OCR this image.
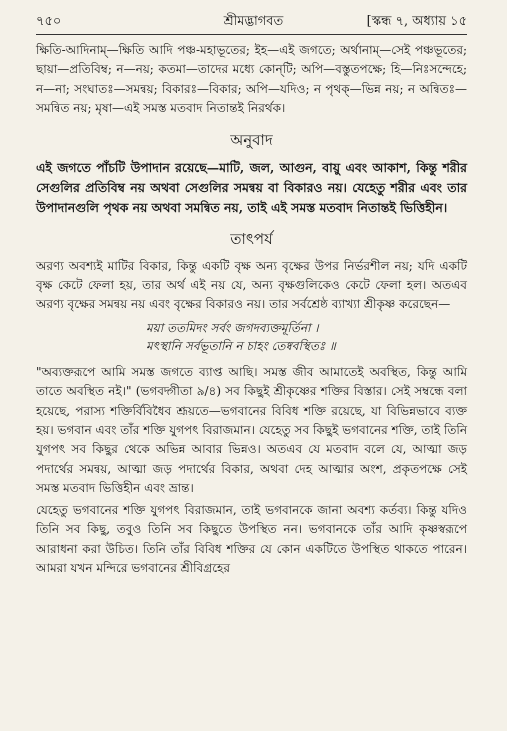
৭৫০	শ্রীমদ্ভাগবত	[স্কন্ধ ৭, অধ্যায় ১৫

ক্ষিতি-আদিনাম্—ক্ষিতি আদি পঞ্চ-মহাভূতের; ইহ—এই জগতে; অর্থানাম্—সেই পঞ্চভূতের; ছায়া—প্রতিবিম্ব; ন—নয়; কতমা—তাদের মধ্যে কোন্‌টি; অপি—বস্তুতপক্ষে; হি—নিঃসন্দেহে; ন—না; সংঘাতঃ—সমন্বয়; বিকারঃ—বিকার; অপি—যদিও; ন পৃথক্—ভিন্ন নয়; ন অন্বিতঃ—সমন্বিত নয়; মৃষা—এই সমস্ত মতবাদ নিতান্তই নিরর্থক।

অনুবাদ

এই জগতে পাঁচটি উপাদান রয়েছে—মাটি, জল, আগুন, বায়ু এবং আকাশ, কিন্তু শরীর সেগুলির প্রতিবিম্ব নয় অথবা সেগুলির সমন্বয় বা বিকারও নয়। যেহেতু শরীর এবং তার উপাদানগুলি পৃথক নয় অথবা সমন্বিত নয়, তাই এই সমস্ত মতবাদ নিতান্তই ভিত্তিহীন।

তাৎপর্য

অরণ্য অবশ্যই মাটির বিকার, কিন্তু একটি বৃক্ষ অন্য বৃক্ষের উপর নির্ভরশীল নয়; যদি একটি বৃক্ষ কেটে ফেলা হয়, তার অর্থ এই নয় যে, অন্য বৃক্ষগুলিকেও কেটে ফেলা হল। অতএব অরণ্য বৃক্ষের সমন্বয় নয় এবং বৃক্ষের বিকারও নয়। তার সর্বশ্রেষ্ঠ ব্যাখ্যা শ্রীকৃষ্ণ করেছেন—

ময়া ততমিদং সর্বং জগদব্যক্তমূর্তিনা ।
মৎস্থানি সর্বভূতানি ন চাহং তেষ্ববস্থিতঃ ॥

"অব্যক্তরূপে আমি সমস্ত জগতে ব্যাপ্ত আছি। সমস্ত জীব আমাতেই অবস্থিত, কিন্তু আমি তাতে অবস্থিত নই।" (ভগবদ্গীতা ৯/৪) সব কিছুই শ্রীকৃষ্ণের শক্তির বিস্তার। সেই সম্বন্ধে বলা হয়েছে, পরাস্য শক্তির্বিবিধৈব শ্রূয়তে—ভগবানের বিবিধ শক্তি রয়েছে, যা বিভিন্নভাবে ব্যক্ত হয়। ভগবান এবং তাঁর শক্তি যুগপৎ বিরাজমান। যেহেতু সব কিছুই ভগবানের শক্তি, তাই তিনি যুগপৎ সব কিছুর থেকে অভিন্ন আবার ভিন্নও। অতএব যে মতবাদ বলে যে, আত্মা জড় পদার্থের সমন্বয়, আত্মা জড় পদার্থের বিকার, অথবা দেহ আত্মার অংশ, প্রকৃতপক্ষে সেই সমস্ত মতবাদ ভিত্তিহীন এবং ভ্রান্ত।

যেহেতু ভগবানের শক্তি যুগপৎ বিরাজমান, তাই ভগবানকে জানা অবশ্য কর্তব্য। কিন্তু যদিও তিনি সব কিছু, তবুও তিনি সব কিছুতে উপস্থিত নন। ভগবানকে তাঁর আদি কৃষ্ণস্বরূপে আরাধনা করা উচিত। তিনি তাঁর বিবিধ শক্তির যে কোন একটিতে উপস্থিত থাকতে পারেন। আমরা যখন মন্দিরে ভগবানের শ্রীবিগ্রহের
